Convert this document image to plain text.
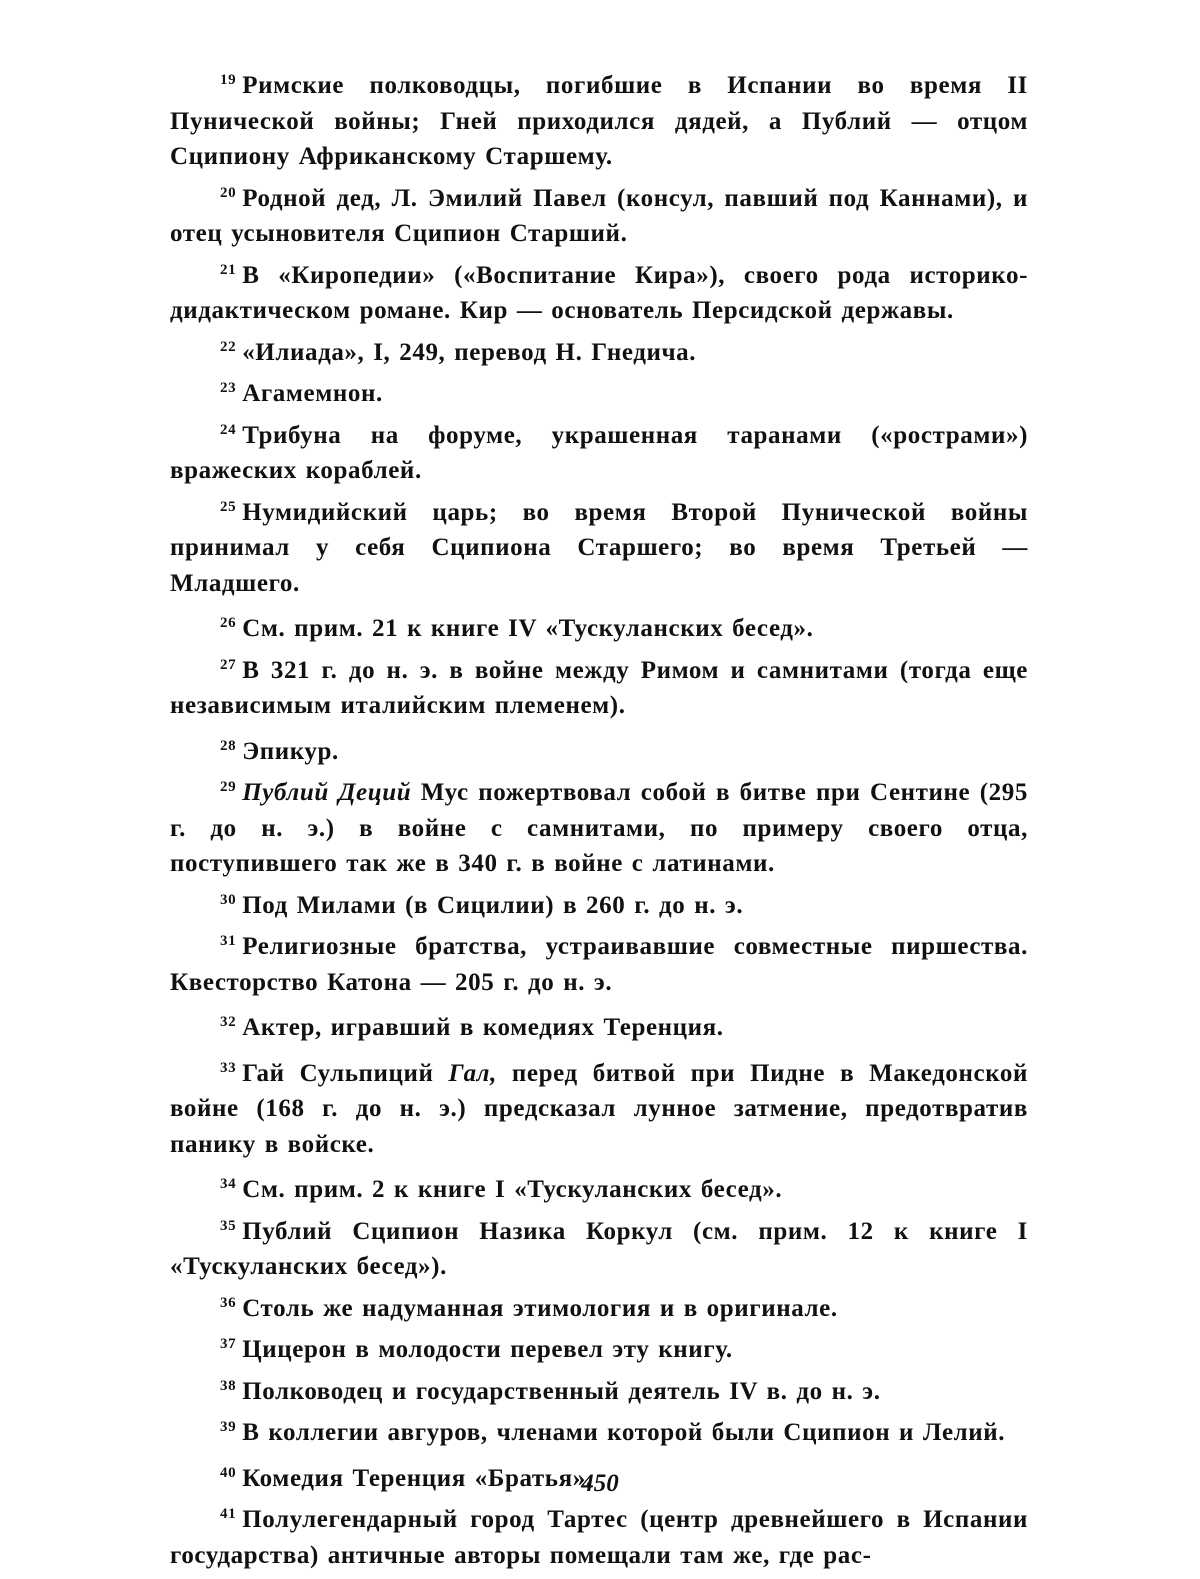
$^{19}$ Римские полководцы, погибшие в Испании во время II Пунической войны; Гней приходился дядей, а Публий — отцом Сципиону Африканскому Старшему.

$^{20}$ Родной дед, Л. Эмилий Павел (консул, павший под Каннами), и отец усыновителя Сципион Старший.

$^{21}$ В «Киропедии» («Воспитание Кира»), своего рода историко-дидактическом романе. Кир — основатель Персидской державы.

$^{22}$ «Илиада», I, 249, перевод Н. Гнедича.

$^{23}$ Агамемнон.

$^{24}$ Трибуна на форуме, украшенная таранами («рострами») вражеских кораблей.

$^{25}$ Нумидийский царь; во время Второй Пунической войны принимал у себя Сципиона Старшего; во время Третьей — Младшего.

$^{26}$ См. прим. 21 к книге IV «Тускуланских бесед».

$^{27}$ В 321 г. до н. э. в войне между Римом и самнитами (тогда еще независимым италийским племенем).

$^{28}$ Эпикур.

$^{29}$ Публий Деций Мус пожертвовал собой в битве при Сентине (295 г. до н. э.) в войне с самнитами, по примеру своего отца, поступившего так же в 340 г. в войне с латинами.

$^{30}$ Под Милами (в Сицилии) в 260 г. до н. э.

$^{31}$ Религиозные братства, устраивавшие совместные пиршества. Квесторство Катона — 205 г. до н. э.

$^{32}$ Актер, игравший в комедиях Теренция.

$^{33}$ Гай Сульпиций Гал, перед битвой при Пидне в Македонской войне (168 г. до н. э.) предсказал лунное затмение, предотвратив панику в войске.

$^{34}$ См. прим. 2 к книге I «Тускуланских бесед».

$^{35}$ Публий Сципион Назика Коркул (см. прим. 12 к книге I «Тускуланских бесед»).

$^{36}$ Столь же надуманная этимология и в оригинале.

$^{37}$ Цицерон в молодости перевел эту книгу.

$^{38}$ Полководец и государственный деятель IV в. до н. э.

$^{39}$ В коллегии авгуров, членами которой были Сципион и Лелий.

$^{40}$ Комедия Теренция «Братья».

$^{41}$ Полулегендарный город Тартес (центр древнейшего в Испании государства) античные авторы помещали там же, где рас-

450
